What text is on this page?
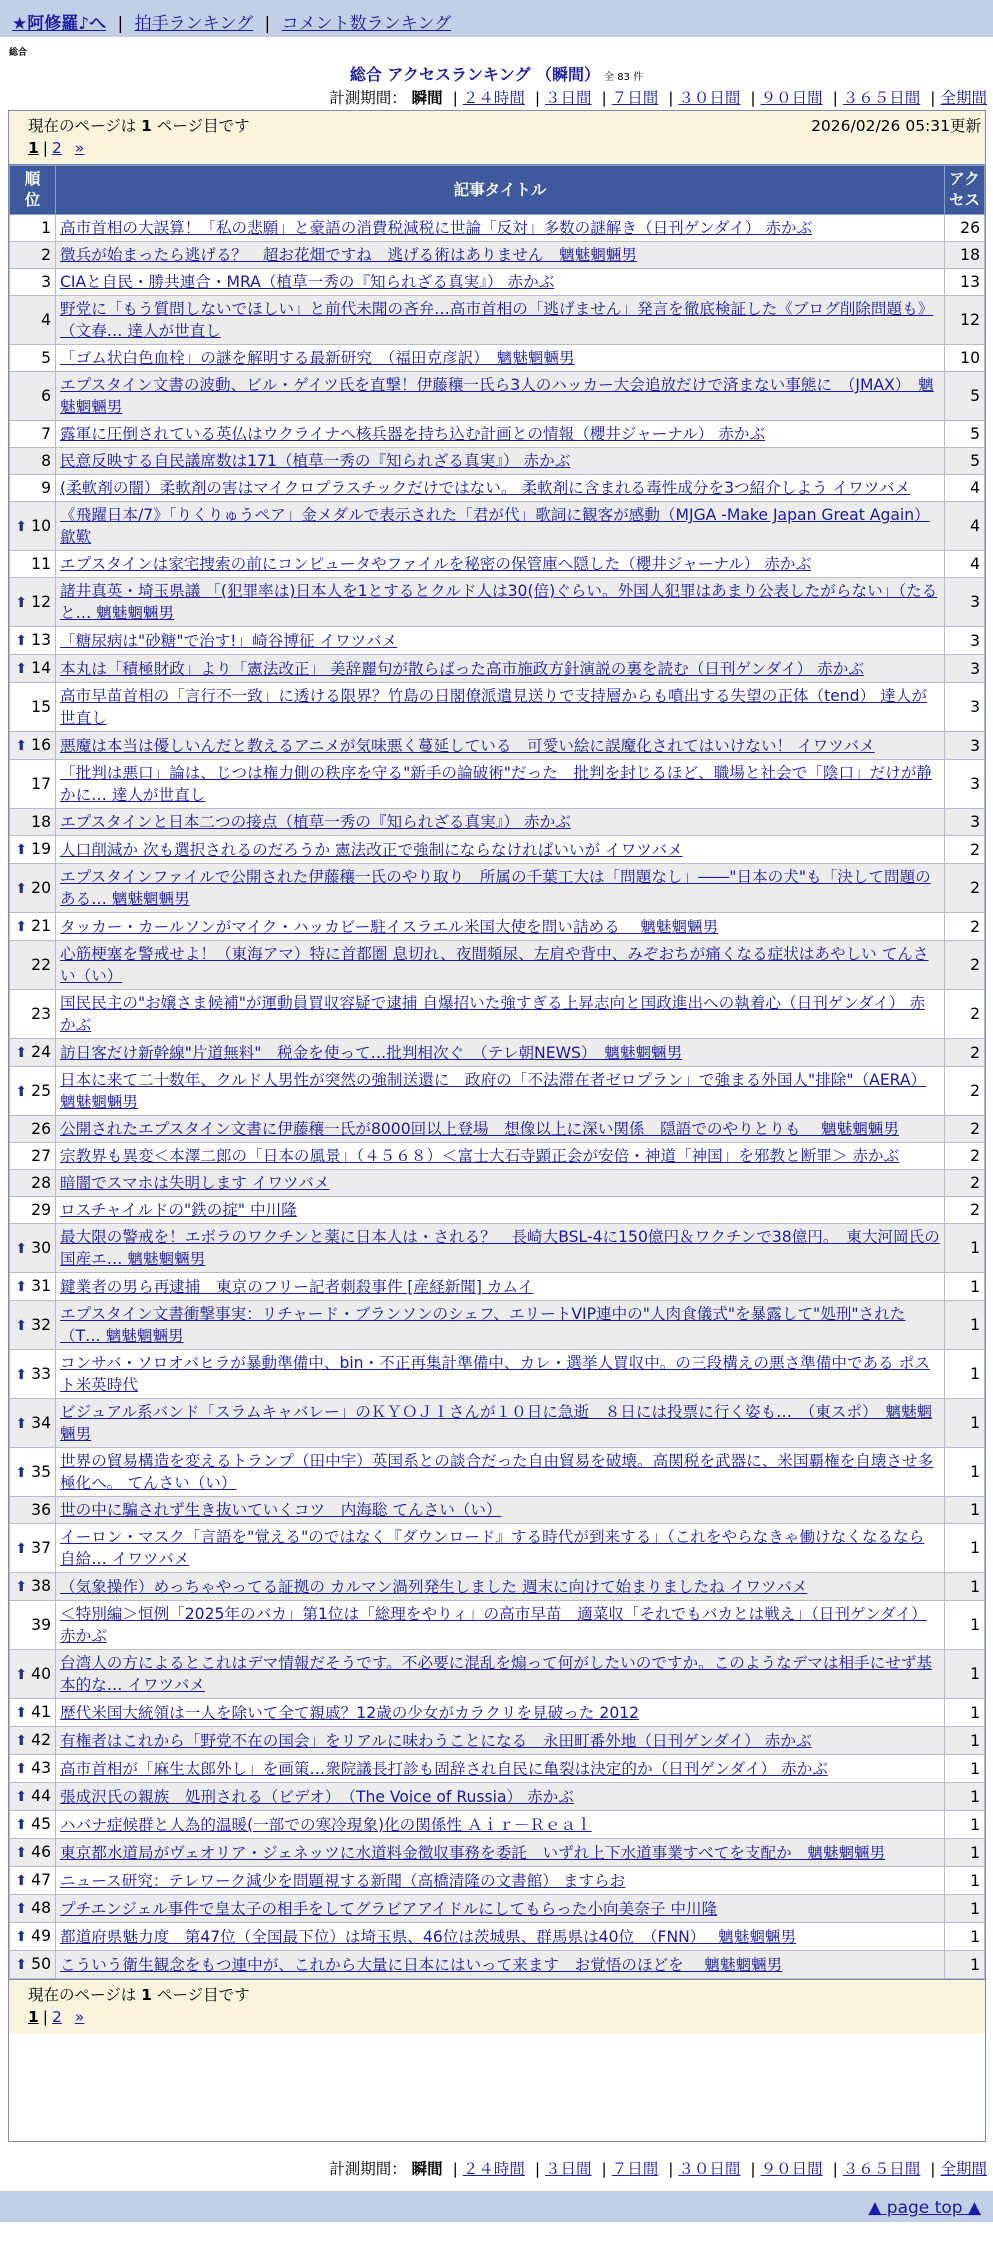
★阿修羅♪へ | 拍手ランキング | コメント数ランキング
総合
総合 アクセスランキング （瞬間） 全 83 件
計測期間： 瞬間 | ２４時間 | ３日間 | ７日間 | ３０日間 | ９０日間 | ３６５日間 | 全期間
現在のページは 1 ページ目です	2026/02/26 05:31更新
1 | 2 »
順
位	記事タイトル	アク
セス
1	高市首相の大誤算！「私の悲願」と豪語の消費税減税に世論「反対」多数の謎解き（日刊ゲンダイ） 赤かぶ	26
2	徴兵が始まったら逃げる？　超お花畑ですね　逃げる術はありません　魑魅魍魎男	18
3	CIAと自民・勝共連合・MRA（植草一秀の『知られざる真実』） 赤かぶ	13
4	野党に「もう質問しないでほしい」と前代未聞の吝弁…高市首相の「逃げません」発言を徹底検証した《ブログ削除問題も》（文春… 達人が世直し	12
5	「ゴム状白色血栓」の謎を解明する最新研究　（福田克彦訳）　魑魅魍魎男	10
6	エプスタイン文書の波動、ビル・ゲイツ氏を直撃！伊藤穰一氏ら3人のハッカー大会追放だけで済まない事態に　（JMAX）　魑魅魍魎男	5
7	露軍に圧倒されている英仏はウクライナへ核兵器を持ち込む計画との情報（櫻井ジャーナル） 赤かぶ	5
8	民意反映する自民議席数は171（植草一秀の『知られざる真実』） 赤かぶ	5
9	(柔軟剤の闇）柔軟剤の害はマイクロプラスチックだけではない。 柔軟剤に含まれる毒性成分を3つ紹介しよう イワツバメ	4
⬆ 10	《飛躍日本/7》「りくりゅうペア」金メダルで表示された「君が代」歌詞に観客が感動（MJGA -Make Japan Great Again） 歙歎	4
11	エプスタインは家宅捜索の前にコンピュータやファイルを秘密の保管庫へ隠した（櫻井ジャーナル） 赤かぶ	4
⬆ 12	諸井真英・埼玉県議 「(犯罪率は)日本人を1とするとクルド人は30(倍)ぐらい。外国人犯罪はあまり公表したがらない」（たると… 魑魅魍魎男	3
⬆ 13	「糖尿病は"砂糖"で治す!」崎谷博征 イワツバメ	3
⬆ 14	本丸は「積極財政」より「憲法改正」 美辞麗句が散らばった高市施政方針演説の裏を読む（日刊ゲンダイ） 赤かぶ	3
15	高市早苗首相の「言行不一致」に透ける限界？竹島の日閣僚派遣見送りで支持層からも噴出する失望の正体（tend） 達人が世直し	3
⬆ 16	悪魔は本当は優しいんだと教えるアニメが気味悪く蔓延している　可愛い絵に誤魔化されてはいけない！ イワツバメ	3
17	「批判は悪口」論は、じつは権力側の秩序を守る"新手の論破術"だった　批判を封じるほど、職場と社会で「陰口」だけが静かに… 達人が世直し	3
18	エプスタインと日本二つの接点（植草一秀の『知られざる真実』） 赤かぶ	3
⬆ 19	人口削減か 次も選択されるのだろうか 憲法改正で強制にならなければいいが イワツバメ	2
⬆ 20	エプスタインファイルで公開された伊藤穰一氏のやり取り　所属の千葉工大は「問題なし」――"日本の犬"も「決して問題のある… 魑魅魍魎男	2
⬆ 21	タッカー・カールソンがマイク・ハッカビー駐イスラエル米国大使を問い詰める　 魑魅魍魎男	2
22	心筋梗塞を警戒せよ！（東海アマ）特に首都圏 息切れ、夜間頻尿、左肩や背中、みぞおちが痛くなる症状はあやしい てんさい（い）	2
23	国民民主の"お嬢さま候補"が運動員買収容疑で逮捕 自爆招いた強すぎる上昇志向と国政進出への執着心（日刊ゲンダイ） 赤かぶ	2
⬆ 24	訪日客だけ新幹線"片道無料"　税金を使って…批判相次ぐ　（テレ朝NEWS）　魑魅魍魎男	2
⬆ 25	日本に来て二十数年、クルド人男性が突然の強制送還に　政府の「不法滞在者ゼロプラン」で強まる外国人"排除"（AERA）魑魅魍魎男	2
26	公開されたエプスタイン文書に伊藤穰一氏が8000回以上登場　想像以上に深い関係　隠語でのやりとりも　 魑魅魍魎男	2
27	宗教界も異変＜本澤二郎の「日本の風景」（４５６８）＜富士大石寺顕正会が安倍・神道「神国」を邪教と断罪＞ 赤かぶ	2
28	暗闇でスマホは失明します イワツバメ	2
29	ロスチャイルドの"鉄の掟" 中川隆	2
⬆ 30	最大限の警戒を！エボラのワクチンと薬に日本人は・される？　長崎大BSL-4に150億円＆ワクチンで38億円。　東大河岡氏の国産エ… 魑魅魍魎男	1
⬆ 31	鍵業者の男ら再逮捕　東京のフリー記者刺殺事件 [産経新聞] カムイ	1
⬆ 32	エプスタイン文書衝撃事実：リチャード・ブランソンのシェフ、エリートVIP連中の"人肉食儀式"を暴露して"処刑"された（T… 魑魅魍魎男	1
⬆ 33	コンサバ・ソロオバヒラが暴動準備中、bin・不正再集計準備中、カレ・選挙人買収中。の三段構えの悪さ準備中である ポスト米英時代	1
⬆ 34	ビジュアル系バンド「スラムキャバレー」のＫＹＯＪＩさんが１０日に急逝　８日には投票に行く姿も…　（東スポ）　魑魅魍魎男	1
⬆ 35	世界の貿易構造を変えるトランプ（田中宇）英国系との談合だった自由貿易を破壊。高関税を武器に、米国覇権を自壊させ多極化へ。 てんさい（い）	1
36	世の中に騙されず生き抜いていくコツ　内海聡 てんさい（い）	1
⬆ 37	イーロン・マスク「言語を"覚える"のではなく『ダウンロード』する時代が到来する」（これをやらなきゃ働けなくなるなら 自給… イワツバメ	1
⬆ 38	（気象操作）めっちゃやってる証拠の カルマン渦列発生しました 週末に向けて始まりましたね イワツバメ	1
39	＜特別編＞恒例「2025年のバカ」第1位は「総理をやりィ」の高市早苗　適菜収「それでもバカとは戦え」（日刊ゲンダイ） 赤かぶ	1
⬆ 40	台湾人の方によるとこれはデマ情報だそうです。不必要に混乱を煽って何がしたいのですか。このようなデマは相手にせず基本的な… イワツバメ	1
⬆ 41	歴代米国大統領は一人を除いて全て親戚？12歳の少女がカラクリを見破った 2012	1
⬆ 42	有権者はこれから「野党不在の国会」をリアルに味わうことになる　永田町番外地（日刊ゲンダイ） 赤かぶ	1
⬆ 43	高市首相が「麻生太郎外し」を画策…衆院議長打診も固辞され自民に亀裂は決定的か（日刊ゲンダイ） 赤かぶ	1
⬆ 44	張成沢氏の親族　処刑される（ビデオ）　（The Voice of Russia） 赤かぶ	1
⬆ 45	ハバナ症候群と人為的温暖(一部での寒冷現象)化の関係性 Ａｉｒ－Ｒｅａｌ	1
⬆ 46	東京都水道局がヴェオリア・ジェネッツに水道料金徴収事務を委託　いずれ上下水道事業すべてを支配か　魑魅魍魎男	1
⬆ 47	ニュース研究：テレワーク減少を問題視する新聞（高橋清隆の文書館） ますらお	1
⬆ 48	プチエンジェル事件で皇太子の相手をしてグラビアアイドルにしてもらった小向美奈子 中川隆	1
⬆ 49	都道府県魅力度　第47位（全国最下位）は埼玉県、46位は茨城県、群馬県は40位　（FNN）　 魑魅魍魎男	1
⬆ 50	こういう衛生観念をもつ連中が、これから大量に日本にはいって来ます　お覚悟のほどを　 魑魅魍魎男	1
現在のページは 1 ページ目です
1 | 2 »
計測期間： 瞬間 | ２４時間 | ３日間 | ７日間 | ３０日間 | ９０日間 | ３６５日間 | 全期間
▲ page top ▲
